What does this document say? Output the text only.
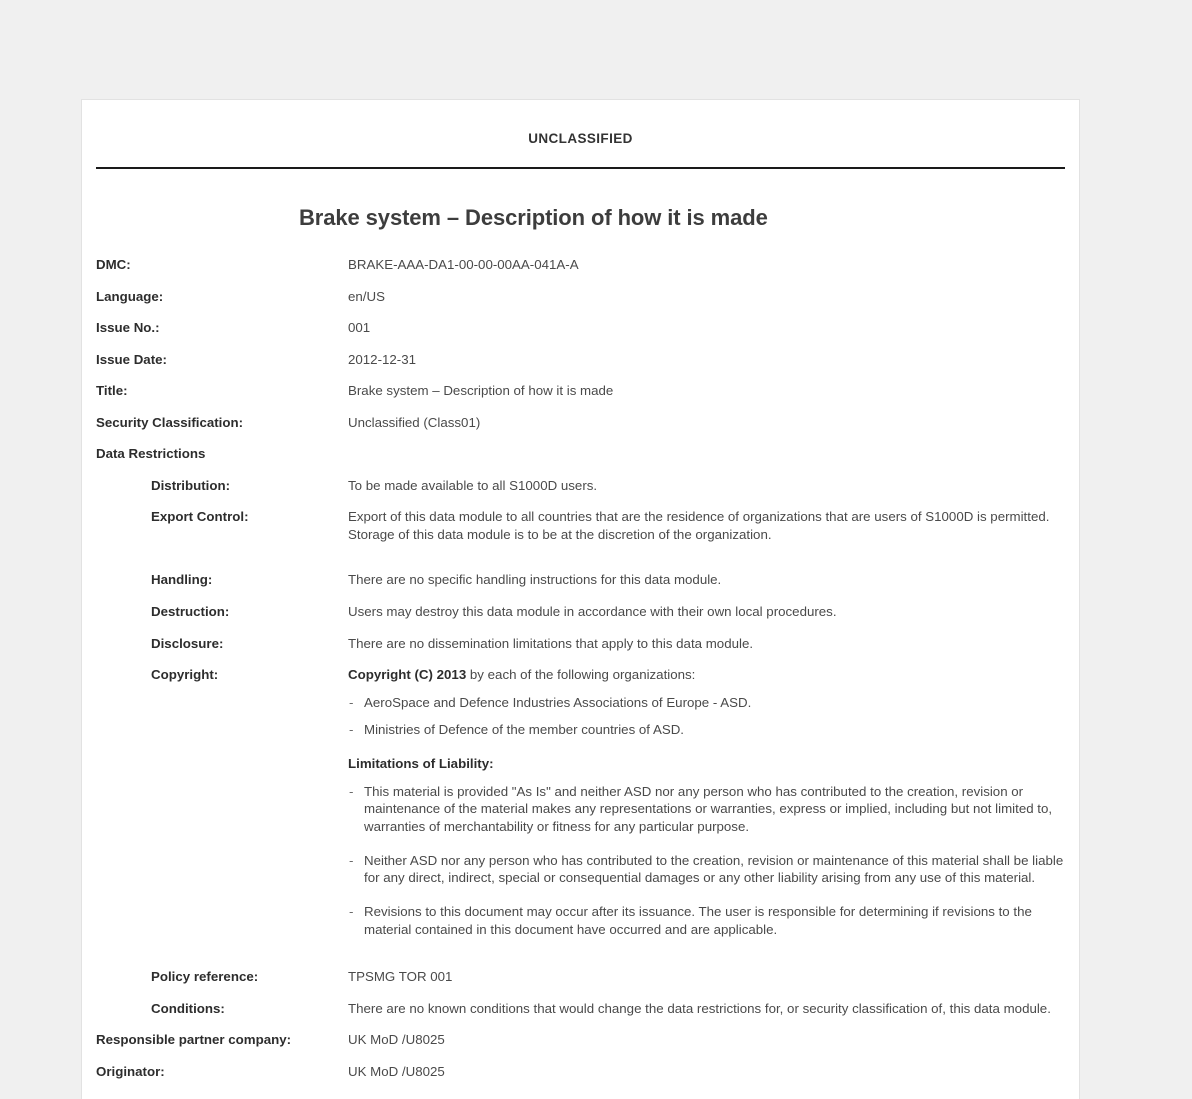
UNCLASSIFIED
Brake system – Description of how it is made
DMC:	BRAKE-AAA-DA1-00-00-00AA-041A-A
Language:	en/US
Issue No.:	001
Issue Date:	2012-12-31
Title:	Brake system – Description of how it is made
Security Classification:	Unclassified (Class01)
Data Restrictions	
Distribution:	To be made available to all S1000D users.
Export Control:	Export of this data module to all countries that are the residence of organizations that are users of S1000D is permitted. Storage of this data module is to be at the discretion of the organization.
Handling:	There are no specific handling instructions for this data module.
Destruction:	Users may destroy this data module in accordance with their own local procedures.
Disclosure:	There are no dissemination limitations that apply to this data module.
Copyright:	Copyright (C) 2013 by each of the following organizations:

- AeroSpace and Defence Industries Associations of Europe - ASD.
- Ministries of Defence of the member countries of ASD.
Limitations of Liability:
- This material is provided "As Is" and neither ASD nor any person who has contributed to the creation, revision or maintenance of the material makes any representations or warranties, express or implied, including but not limited to, warranties of merchantability or fitness for any particular purpose.
- Neither ASD nor any person who has contributed to the creation, revision or maintenance of this material shall be liable for any direct, indirect, special or consequential damages or any other liability arising from any use of this material.
- Revisions to this document may occur after its issuance. The user is responsible for determining if revisions to the material contained in this document have occurred and are applicable.

Policy reference:	TPSMG TOR 001
Conditions:	There are no known conditions that would change the data restrictions for, or security classification of, this data module.
Responsible partner company:	UK MoD /U8025
Originator:	UK MoD /U8025
